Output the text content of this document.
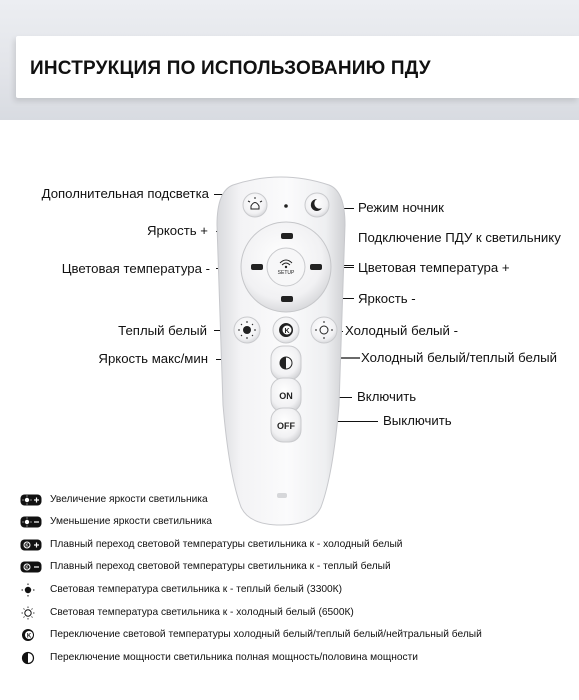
ИНСТРУКЦИЯ ПО ИСПОЛЬЗОВАНИЮ ПДУ
Дополнительная подсветка
Яркость +
Цветовая температура -
Теплый белый
Яркость макс/мин
Режим ночник
Подключение ПДУ к светильнику
Цветовая температура +
Яркость -
Холодный белый -
Холодный белый/теплый белый
Включить
Выключить
SETUP
K
ON
OFF
Увеличение яркости светильника
Уменьшение яркости светильника
K Плавный переход световой температуры светильника к - холодный белый
K Плавный переход световой температуры светильника к - теплый белый
Световая температура светильника к - теплый белый (3300К)
Световая температура светильника к - холодный белый (6500К)
K Переключение световой температуры холодный белый/теплый белый/нейтральный белый
Переключение мощности светильника полная мощность/половина мощности
